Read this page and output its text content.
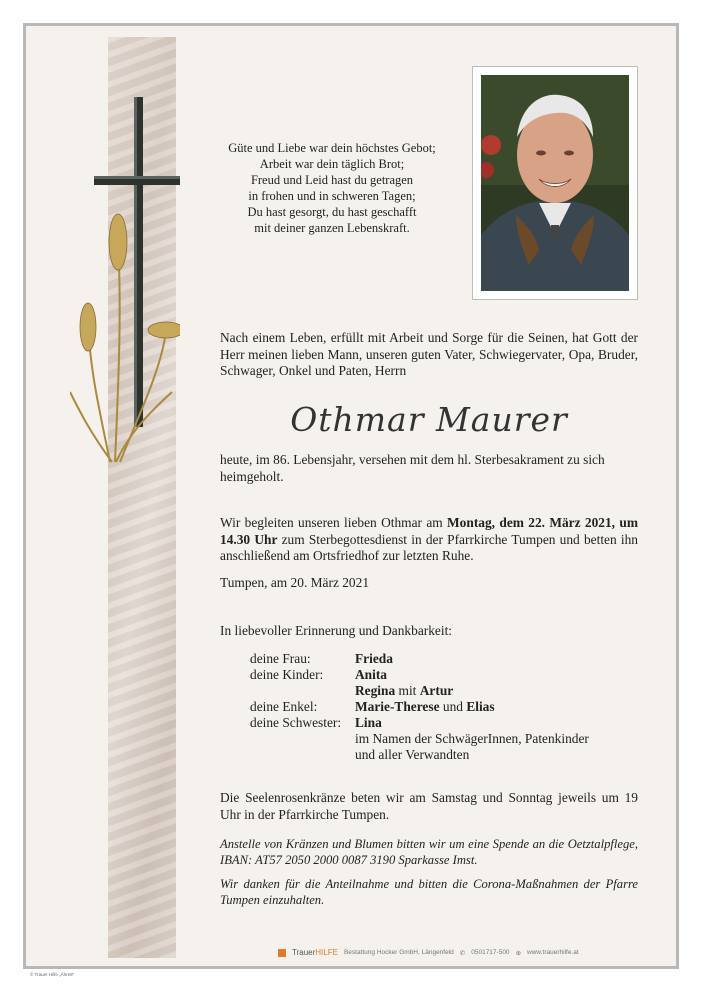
Güte und Liebe war dein höchstes Gebot;
Arbeit war dein täglich Brot;
Freud und Leid hast du getragen
in frohen und in schweren Tagen;
Du hast gesorgt, du hast geschafft
mit deiner ganzen Lebenskraft.
Nach einem Leben, erfüllt mit Arbeit und Sorge für die Seinen, hat Gott der Herr meinen lieben Mann, unseren guten Vater, Schwiegervater, Opa, Bruder, Schwager, Onkel und Paten, Herrn
Othmar Maurer
heute, im 86. Lebensjahr, versehen mit dem hl. Sterbesakrament zu sich heimgeholt.
Wir begleiten unseren lieben Othmar am Montag, dem 22. März 2021, um 14.30 Uhr zum Sterbegottesdienst in der Pfarrkirche Tumpen und betten ihn anschließend am Ortsfriedhof zur letzten Ruhe.
Tumpen, am 20. März 2021
In liebevoller Erinnerung und Dankbarkeit:
deine Frau:	Frieda
deine Kinder:	Anita
Regina mit Artur
deine Enkel:	Marie-Therese und Elias
deine Schwester:	Lina
im Namen der SchwägerInnen, Patenkinder
und aller Verwandten
Die Seelenrosenkränze beten wir am Samstag und Sonntag jeweils um 19 Uhr in der Pfarrkirche Tumpen.
Anstelle von Kränzen und Blumen bitten wir um eine Spende an die Oetztalpflege, IBAN: AT57 2050 2000 0087 3190 Sparkasse Imst.
Wir danken für die Anteilnahme und bitten die Corona-Maßnahmen der Pfarre Tumpen einzuhalten.
TrauerHILFE Bestattung Hocker GmbH, Längenfeld ✆ 0501717-500 ⊕ www.trauerhilfe.at
© Trauer Hilfe „Ähre8“
